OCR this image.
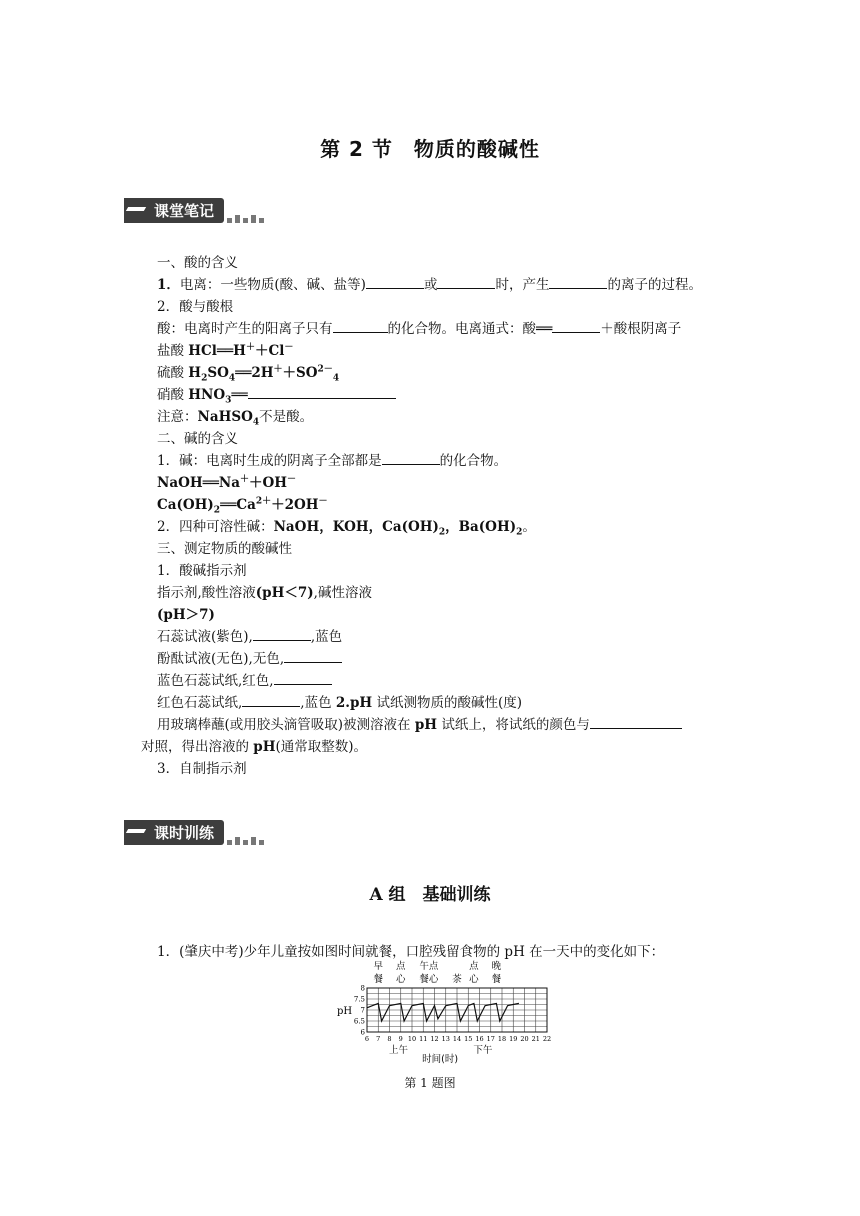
第 2 节　物质的酸碱性
课堂笔记
一、酸的含义
1．电离：一些物质(酸、碱、盐等)	或	时，产生	的离子的过程。
2．酸与酸根
酸：电离时产生的阳离子只有	的化合物。电离通式：酸══	＋酸根阴离子
盐酸 HCl══H＋＋Cl－
硫酸 $H_2SO_4══2H^++SO^{2-}_4$
硝酸 $HNO_3══$
注意：NaHSO$_4$不是酸。
二、碱的含义
1．碱：电离时生成的阴离子全部都是	的化合物。
NaOH══Na＋＋OH－
$Ca(OH)_2══Ca^{2+}+2OH^-$
2．四种可溶性碱：NaOH，KOH，$Ca(OH)_2$，$Ba(OH)_2$。
三、测定物质的酸碱性
1．酸碱指示剂
指示剂,酸性溶液(pH＜7),碱性溶液
(pH＞7)
石蕊试液(紫色),	,蓝色
酚酞试液(无色),无色,
蓝色石蕊试纸,红色,
红色石蕊试纸,	,蓝色 2.pH 试纸测物质的酸碱性(度)
用玻璃棒蘸(或用胶头滴管吸取)被测溶液在 pH 试纸上，将试纸的颜色与
对照，得出溶液的 pH(通常取整数)。
3．自制指示剂
课时训练
A 组　基础训练
1．(肇庆中考)少年儿童按如图时间就餐，口腔残留食物的 pH 在一天中的变化如下：
6
6.5
7
7.5
8
pH
6 7 8 9 10 11 12 13 14 15 16 17 18 19 20 21 22
上午	下午
时间(时)
早
餐
点
心
午点
餐心 茶
点
心
晚
餐
第 1 题图
